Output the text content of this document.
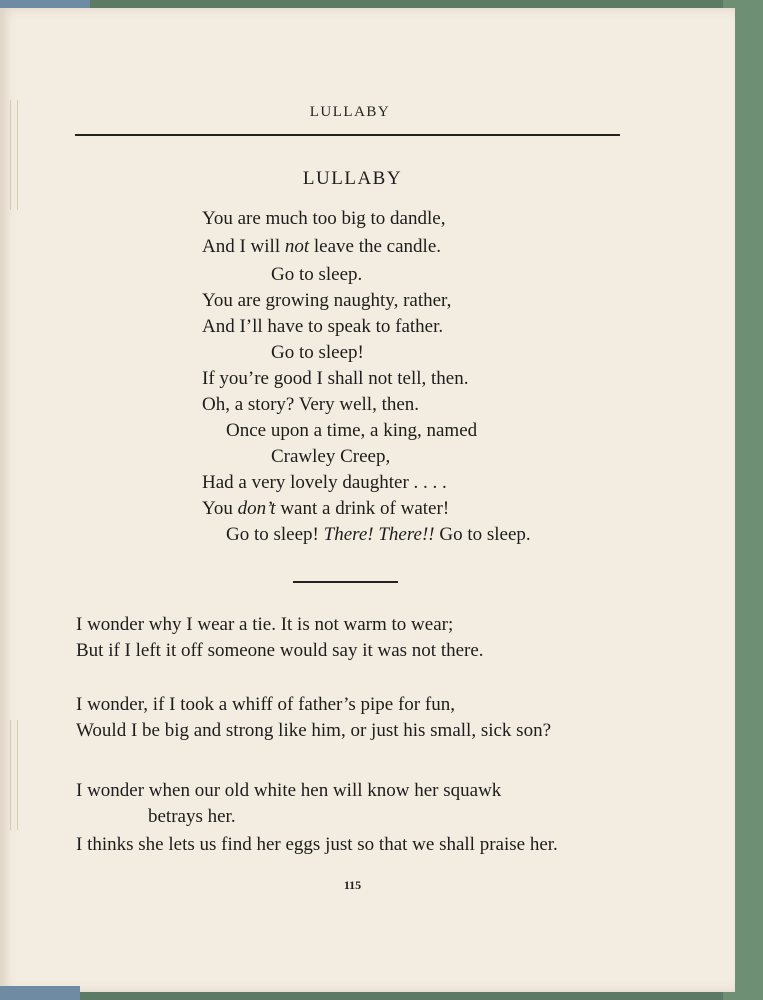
LULLABY
LULLABY
You are much too big to dandle,
And I will not leave the candle.
Go to sleep.
You are growing naughty, rather,
And I’ll have to speak to father.
Go to sleep!
If you’re good I shall not tell, then.
Oh, a story? Very well, then.
Once upon a time, a king, named
Crawley Creep,
Had a very lovely daughter . . . .
You don’t want a drink of water!
Go to sleep! There! There!! Go to sleep.
I wonder why I wear a tie. It is not warm to wear;
But if I left it off someone would say it was not there.
I wonder, if I took a whiff of father’s pipe for fun,
Would I be big and strong like him, or just his small, sick son?
I wonder when our old white hen will know her squawk
betrays her.
I thinks she lets us find her eggs just so that we shall praise her.
115
